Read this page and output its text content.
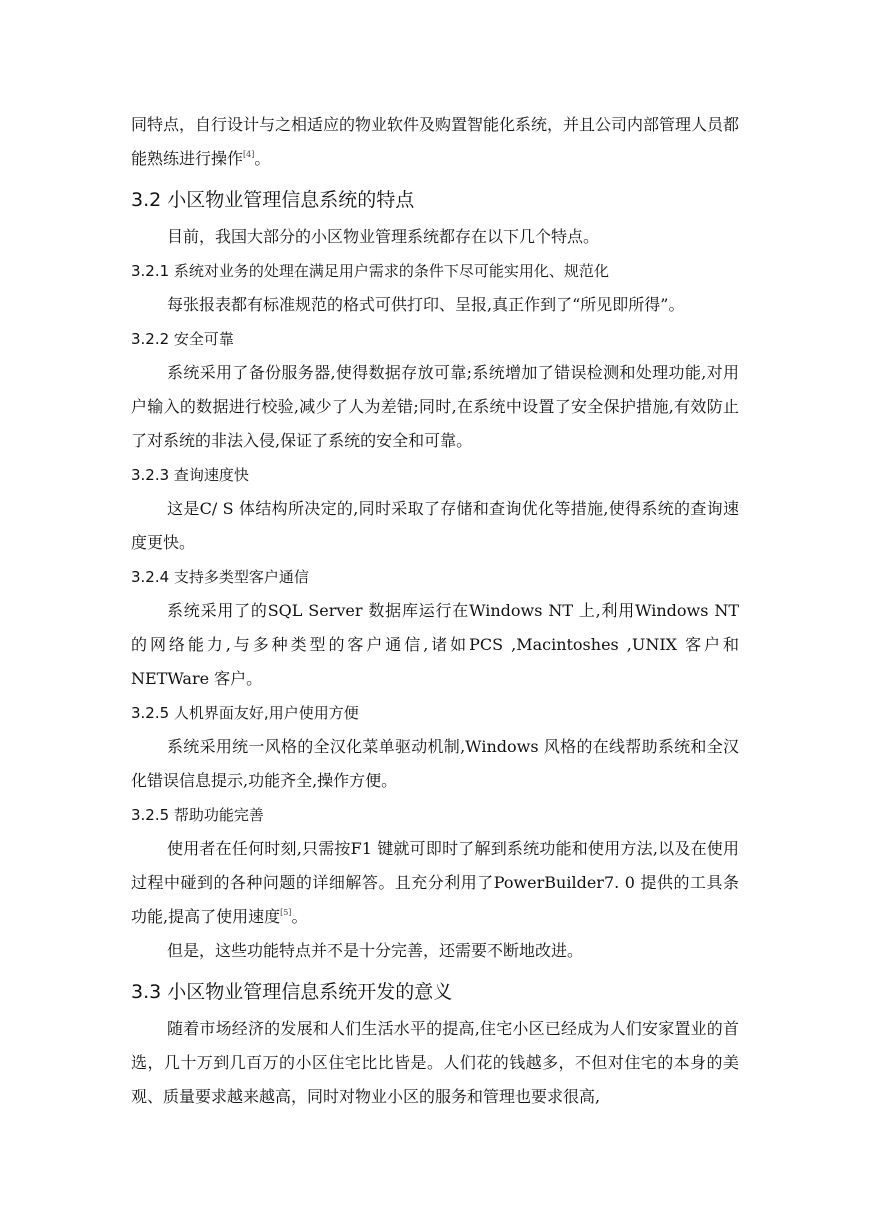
同特点，自行设计与之相适应的物业软件及购置智能化系统，并且公司内部管理人员都能熟练进行操作[4]。

3.2 小区物业管理信息系统的特点

目前，我国大部分的小区物业管理系统都存在以下几个特点。

3.2.1 系统对业务的处理在满足用户需求的条件下尽可能实用化、规范化

每张报表都有标准规范的格式可供打印、呈报,真正作到了“所见即所得”。

3.2.2 安全可靠

系统采用了备份服务器,使得数据存放可靠;系统增加了错误检测和处理功能,对用户输入的数据进行校验,减少了人为差错;同时,在系统中设置了安全保护措施,有效防止了对系统的非法入侵,保证了系统的安全和可靠。

3.2.3 查询速度快

这是C/ S 体结构所决定的,同时采取了存储和查询优化等措施,使得系统的查询速度更快。

3.2.4 支持多类型客户通信

系统采用了的SQL Server 数据库运行在Windows NT 上,利用Windows NT 的网络能力,与多种类型的客户通信,诸如PCS ,Macintoshes ,UNIX 客户和 NETWare 客户。

3.2.5 人机界面友好,用户使用方便

系统采用统一风格的全汉化菜单驱动机制,Windows 风格的在线帮助系统和全汉化错误信息提示,功能齐全,操作方便。

3.2.5 帮助功能完善

使用者在任何时刻,只需按F1 键就可即时了解到系统功能和使用方法,以及在使用过程中碰到的各种问题的详细解答。且充分利用了PowerBuilder7. 0 提供的工具条功能,提高了使用速度[5]。

但是，这些功能特点并不是十分完善，还需要不断地改进。

3.3 小区物业管理信息系统开发的意义

随着市场经济的发展和人们生活水平的提高,住宅小区已经成为人们安家置业的首选，几十万到几百万的小区住宅比比皆是。人们花的钱越多，不但对住宅的本身的美观、质量要求越来越高，同时对物业小区的服务和管理也要求很高,
